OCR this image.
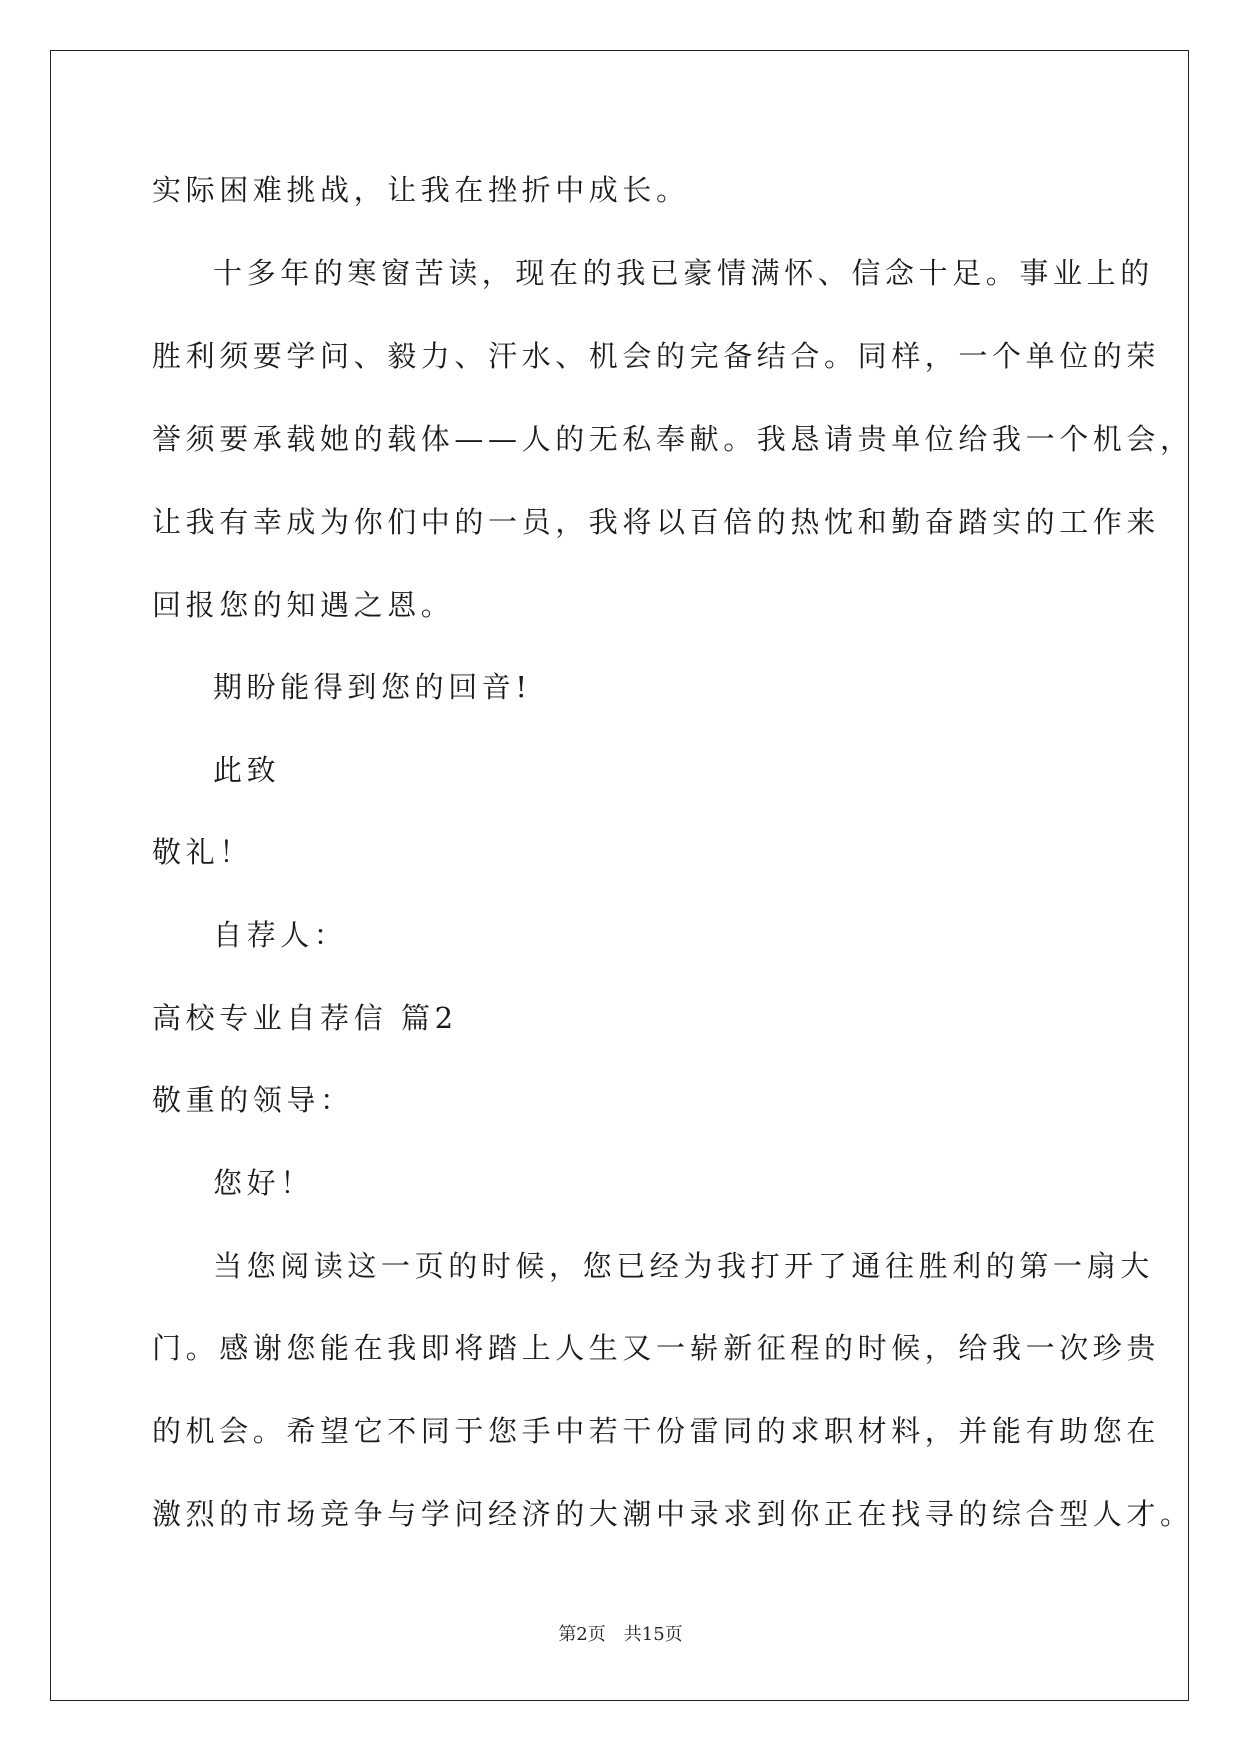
实际困难挑战，让我在挫折中成长。
十多年的寒窗苦读，现在的我已豪情满怀、信念十足。事业上的
胜利须要学问、毅力、汗水、机会的完备结合。同样，一个单位的荣
誉须要承载她的载体——人的无私奉献。我恳请贵单位给我一个机会，
让我有幸成为你们中的一员，我将以百倍的热忱和勤奋踏实的工作来
回报您的知遇之恩。
期盼能得到您的回音!
此致
敬礼！
自荐人：
高校专业自荐信 篇2
敬重的领导：
您好！
当您阅读这一页的时候，您已经为我打开了通往胜利的第一扇大
门。感谢您能在我即将踏上人生又一崭新征程的时候，给我一次珍贵
的机会。希望它不同于您手中若干份雷同的求职材料，并能有助您在
激烈的市场竞争与学问经济的大潮中录求到你正在找寻的综合型人才。
第2页 共15页
